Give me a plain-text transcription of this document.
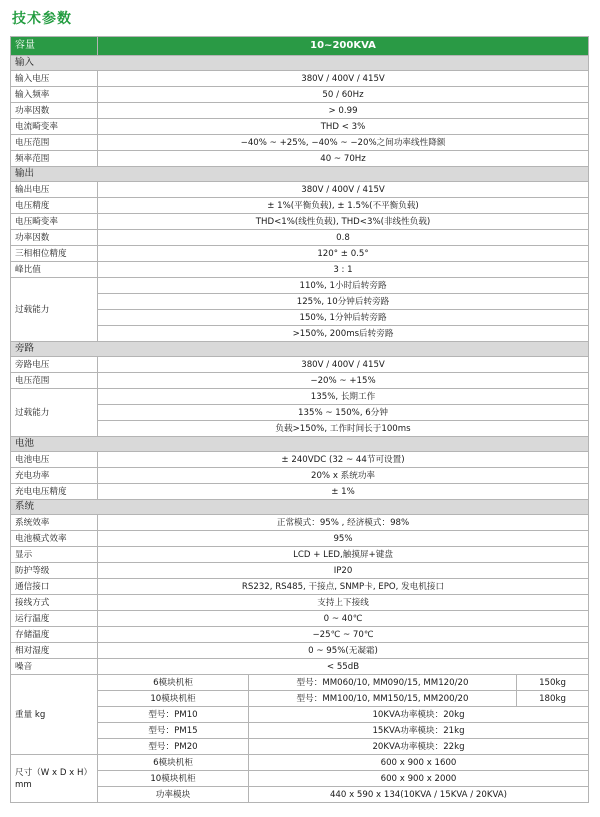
技术参数
容量	10~200KVA		
输入			
输入电压	380V / 400V / 415V		
输入频率	50 / 60Hz		
功率因数	> 0.99		
电流畸变率	THD < 3%		
电压范围	−40% ~ +25%, −40% ~ −20%之间功率线性降额		
频率范围	40 ~ 70Hz		
输出			
输出电压	380V / 400V / 415V		
电压精度	± 1%(平衡负载), ± 1.5%(不平衡负载)		
电压畸变率	THD<1%(线性负载), THD<3%(非线性负载)		
功率因数	0.8		
三相相位精度	120° ± 0.5°		
峰比值	3 : 1		
过载能力	110%, 1小时后转旁路		
	125%, 10分钟后转旁路		
	150%, 1分钟后转旁路		
	>150%, 200ms后转旁路		
旁路			
旁路电压	380V / 400V / 415V		
电压范围	−20% ~ +15%		
过载能力	135%, 长期工作		
	135% ~ 150%, 6分钟		
	负载>150%, 工作时间长于100ms		
电池			
电池电压	± 240VDC (32 ~ 44节可设置)		
充电功率	20% x 系统功率		
充电电压精度	± 1%		
系统			
系统效率	正常模式：95% , 经济模式：98%		
电池模式效率	95%		
显示	LCD + LED,触摸屏+键盘		
防护等级	IP20		
通信接口	RS232, RS485, 干接点, SNMP卡, EPO, 发电机接口		
接线方式	支持上下接线		
运行温度	0 ~ 40℃		
存储温度	−25℃ ~ 70℃		
相对湿度	0 ~ 95%(无凝霜)		
噪音	< 55dB		
重量 kg	6模块机柜	型号：MM060/10, MM090/15, MM120/20	150kg
	10模块机柜	型号：MM100/10, MM150/15, MM200/20	180kg
	型号：PM10	10KVA功率模块：20kg	
	型号：PM15	15KVA功率模块：21kg	
	型号：PM20	20KVA功率模块：22kg	

尺寸（W x D x H）
mm	6模块机柜	600 x 900 x 1600	
	10模块机柜	600 x 900 x 2000	
	功率模块	440 x 590 x 134(10KVA / 15KVA / 20KVA)	
